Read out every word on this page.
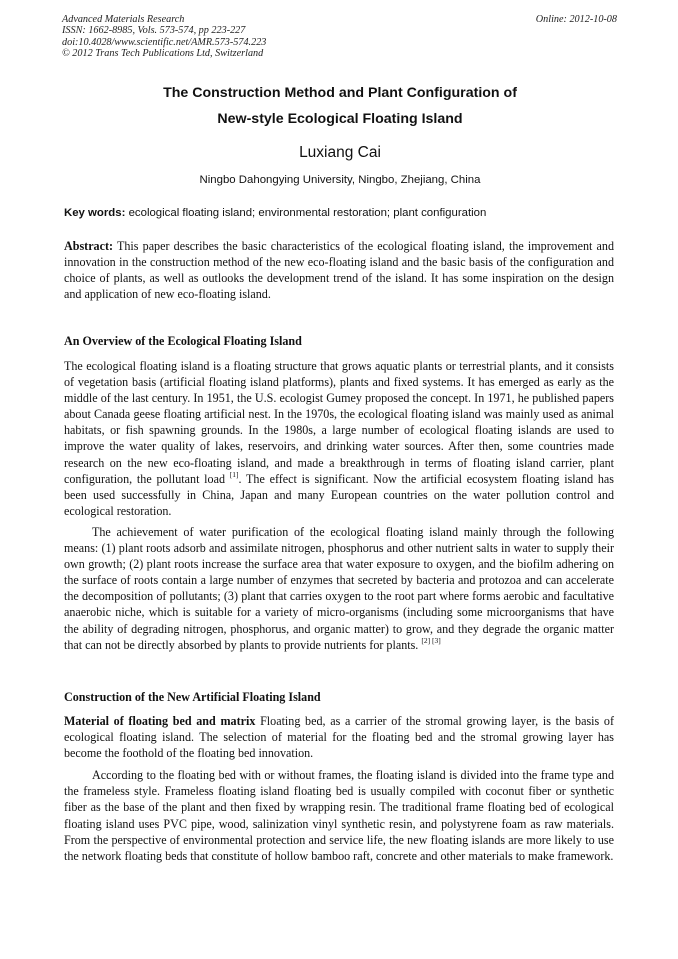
Advanced Materials Research
ISSN: 1662-8985, Vols. 573-574, pp 223-227
doi:10.4028/www.scientific.net/AMR.573-574.223
© 2012 Trans Tech Publications Ltd, Switzerland
Online: 2012-10-08
The Construction Method and Plant Configuration of
New-style Ecological Floating Island
Luxiang Cai
Ningbo Dahongying University, Ningbo, Zhejiang, China
Key words: ecological floating island; environmental restoration; plant configuration

Abstract: This paper describes the basic characteristics of the ecological floating island, the improvement and innovation in the construction method of the new eco-floating island and the basic basis of the configuration and choice of plants, as well as outlooks the development trend of the island. It has some inspiration on the design and application of new eco-floating island.

An Overview of the Ecological Floating Island

The ecological floating island is a floating structure that grows aquatic plants or terrestrial plants, and it consists of vegetation basis (artificial floating island platforms), plants and fixed systems. It has emerged as early as the middle of the last century. In 1951, the U.S. ecologist Gumey proposed the concept. In 1971, he published papers about Canada geese floating artificial nest. In the 1970s, the ecological floating island was mainly used as animal habitats, or fish spawning grounds. In the 1980s, a large number of ecological floating islands are used to improve the water quality of lakes, reservoirs, and drinking water sources. After then, some countries made research on the new eco-floating island, and made a breakthrough in terms of floating island carrier, plant configuration, the pollutant load [1]. The effect is significant. Now the artificial ecosystem floating island has been used successfully in China, Japan and many European countries on the water pollution control and ecological restoration.

The achievement of water purification of the ecological floating island mainly through the following means: (1) plant roots adsorb and assimilate nitrogen, phosphorus and other nutrient salts in water to supply their own growth; (2) plant roots increase the surface area that water exposure to oxygen, and the biofilm adhering on the surface of roots contain a large number of enzymes that secreted by bacteria and protozoa and can accelerate the decomposition of pollutants; (3) plant that carries oxygen to the root part where forms aerobic and facultative anaerobic niche, which is suitable for a variety of micro-organisms (including some microorganisms that have the ability of degrading nitrogen, phosphorus, and organic matter) to grow, and they degrade the organic matter that can not be directly absorbed by plants to provide nutrients for plants. [2] [3]

Construction of the New Artificial Floating Island

Material of floating bed and matrix Floating bed, as a carrier of the stromal growing layer, is the basis of ecological floating island. The selection of material for the floating bed and the stromal growing layer has become the foothold of the floating bed innovation.

According to the floating bed with or without frames, the floating island is divided into the frame type and the frameless style. Frameless floating island floating bed is usually compiled with coconut fiber or synthetic fiber as the base of the plant and then fixed by wrapping resin. The traditional frame floating bed of ecological floating island uses PVC pipe, wood, salinization vinyl synthetic resin, and polystyrene foam as raw materials. From the perspective of environmental protection and service life, the new floating islands are more likely to use the network floating beds that constitute of hollow bamboo raft, concrete and other materials to make framework.
